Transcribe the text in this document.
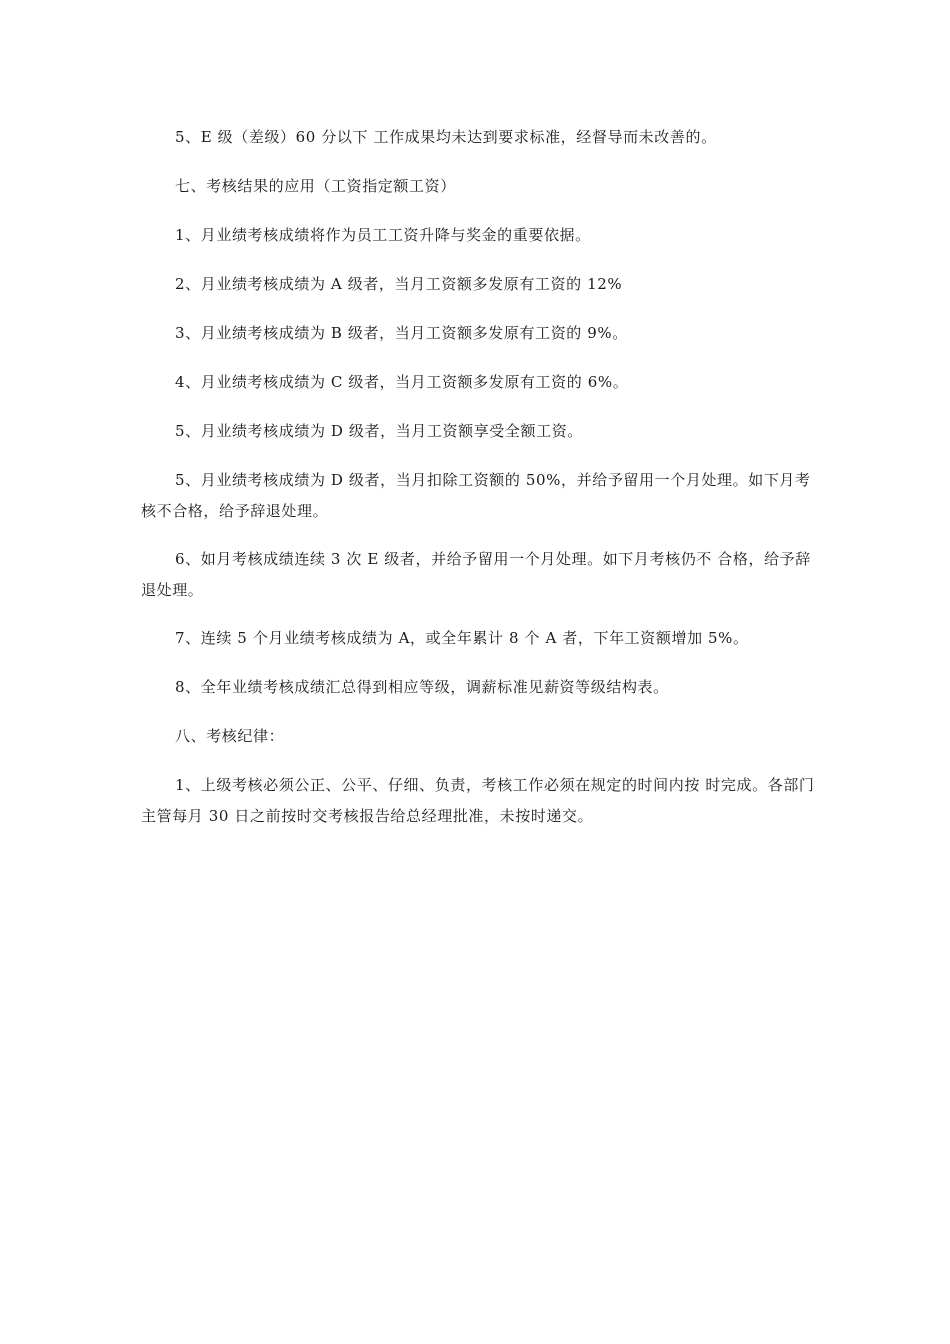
5、E 级（差级）60 分以下 工作成果均未达到要求标准，经督导而未改善的。

七、考核结果的应用（工资指定额工资）

1、月业绩考核成绩将作为员工工资升降与奖金的重要依据。

2、月业绩考核成绩为 A 级者，当月工资额多发原有工资的 12%

3、月业绩考核成绩为 B 级者，当月工资额多发原有工资的 9%。

4、月业绩考核成绩为 C 级者，当月工资额多发原有工资的 6%。

5、月业绩考核成绩为 D 级者，当月工资额享受全额工资。

5、月业绩考核成绩为 D 级者，当月扣除工资额的 50%，并给予留用一个月处理。如下月考核不合格，给予辞退处理。

6、如月考核成绩连续 3 次 E 级者，并给予留用一个月处理。如下月考核仍不 合格，给予辞退处理。

7、连续 5 个月业绩考核成绩为 A，或全年累计 8 个 A 者，下年工资额增加 5%。

8、全年业绩考核成绩汇总得到相应等级，调薪标准见薪资等级结构表。

八、考核纪律：

1、上级考核必须公正、公平、仔细、负责，考核工作必须在规定的时间内按 时完成。各部门主管每月 30 日之前按时交考核报告给总经理批准，未按时递交。
